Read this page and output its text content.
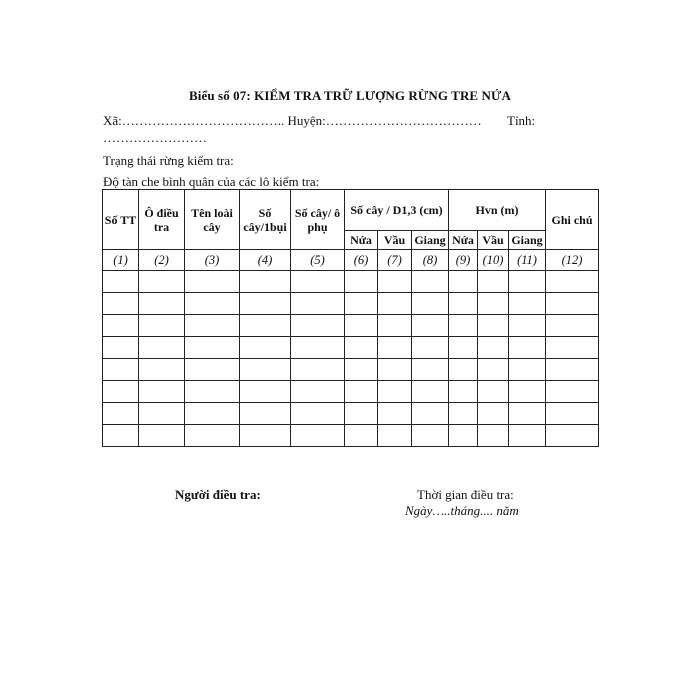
Biểu số 07: KIỂM TRA TRỮ LƯỢNG RỪNG TRE NỨA
Xã:……………………………….. Huyện:……………………………… Tỉnh:
……………………
Trạng thái rừng kiểm tra:
Độ tàn che bình quân của các lô kiểm tra:
Số TT	Ô điều tra	Tên loài cây	Số cây/1bụi	Số cây/ ô phụ	Số cây / D1,3 (cm)			Hvn (m)			Ghi chú
					Nứa	Vầu	Giang	Nứa	Vầu	Giang	
(1)	(2)	(3)	(4)	(5)	(6)	(7)	(8)	(9)	(10)	(11)	(12)

Người điều tra:	Thời gian điều tra:
Ngày…..tháng.... năm
